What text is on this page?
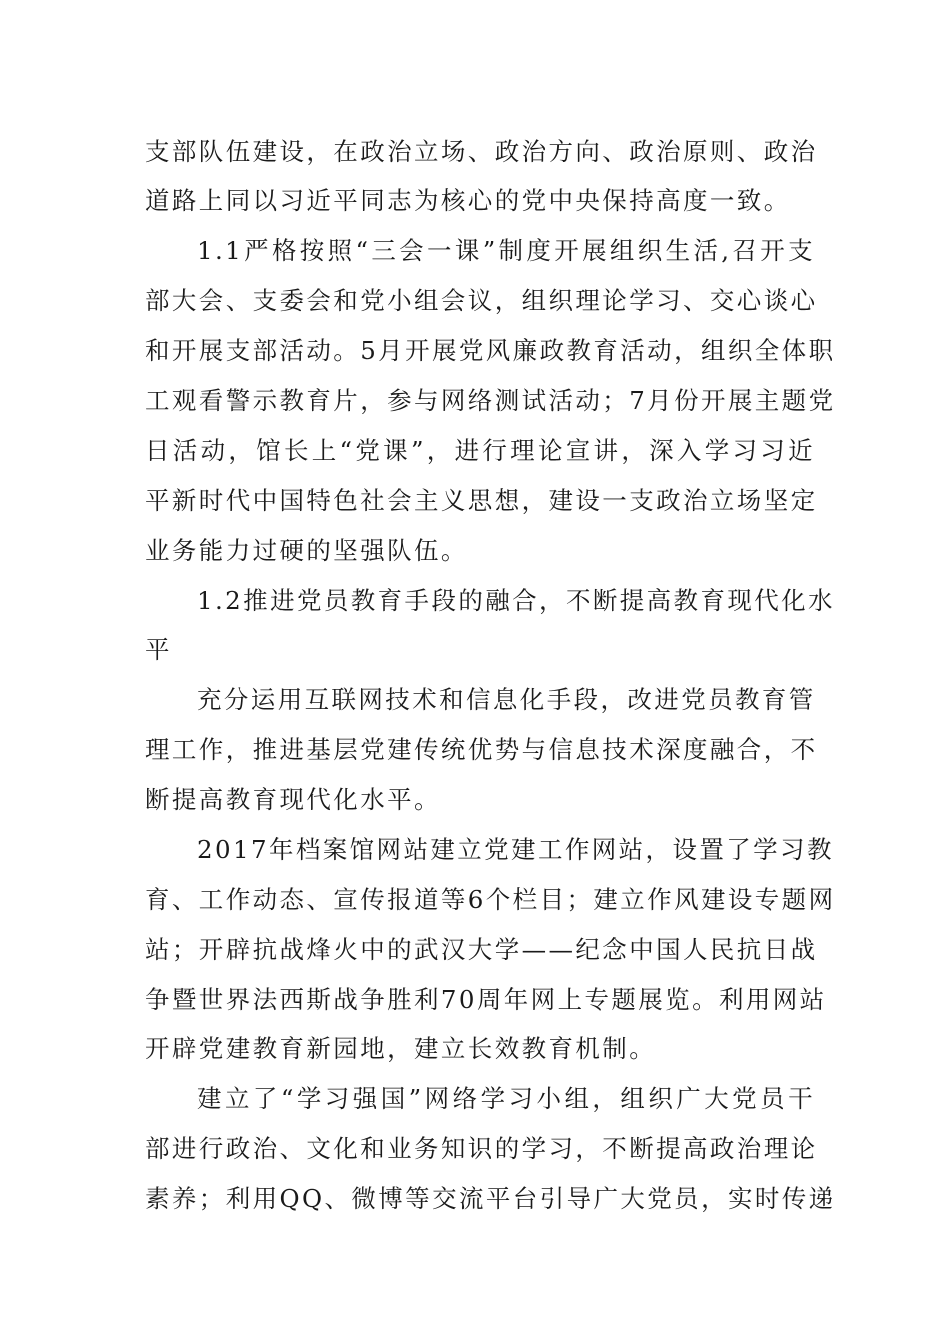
支部队伍建设，在政治立场、政治方向、政治原则、政治
道路上同以习近平同志为核心的党中央保持高度一致。
1.1严格按照“三会一课”制度开展组织生活,召开支
部大会、支委会和党小组会议，组织理论学习、交心谈心
和开展支部活动。5月开展党风廉政教育活动，组织全体职
工观看警示教育片，参与网络测试活动；7月份开展主题党
日活动，馆长上“党课”，进行理论宣讲，深入学习习近
平新时代中国特色社会主义思想，建设一支政治立场坚定
业务能力过硬的坚强队伍。
1.2推进党员教育手段的融合，不断提高教育现代化水
平
充分运用互联网技术和信息化手段，改进党员教育管
理工作，推进基层党建传统优势与信息技术深度融合，不
断提高教育现代化水平。
2017年档案馆网站建立党建工作网站，设置了学习教
育、工作动态、宣传报道等6个栏目；建立作风建设专题网
站；开辟抗战烽火中的武汉大学——纪念中国人民抗日战
争暨世界法西斯战争胜利70周年网上专题展览。利用网站
开辟党建教育新园地，建立长效教育机制。
建立了“学习强国”网络学习小组，组织广大党员干
部进行政治、文化和业务知识的学习，不断提高政治理论
素养；利用QQ、微博等交流平台引导广大党员，实时传递
